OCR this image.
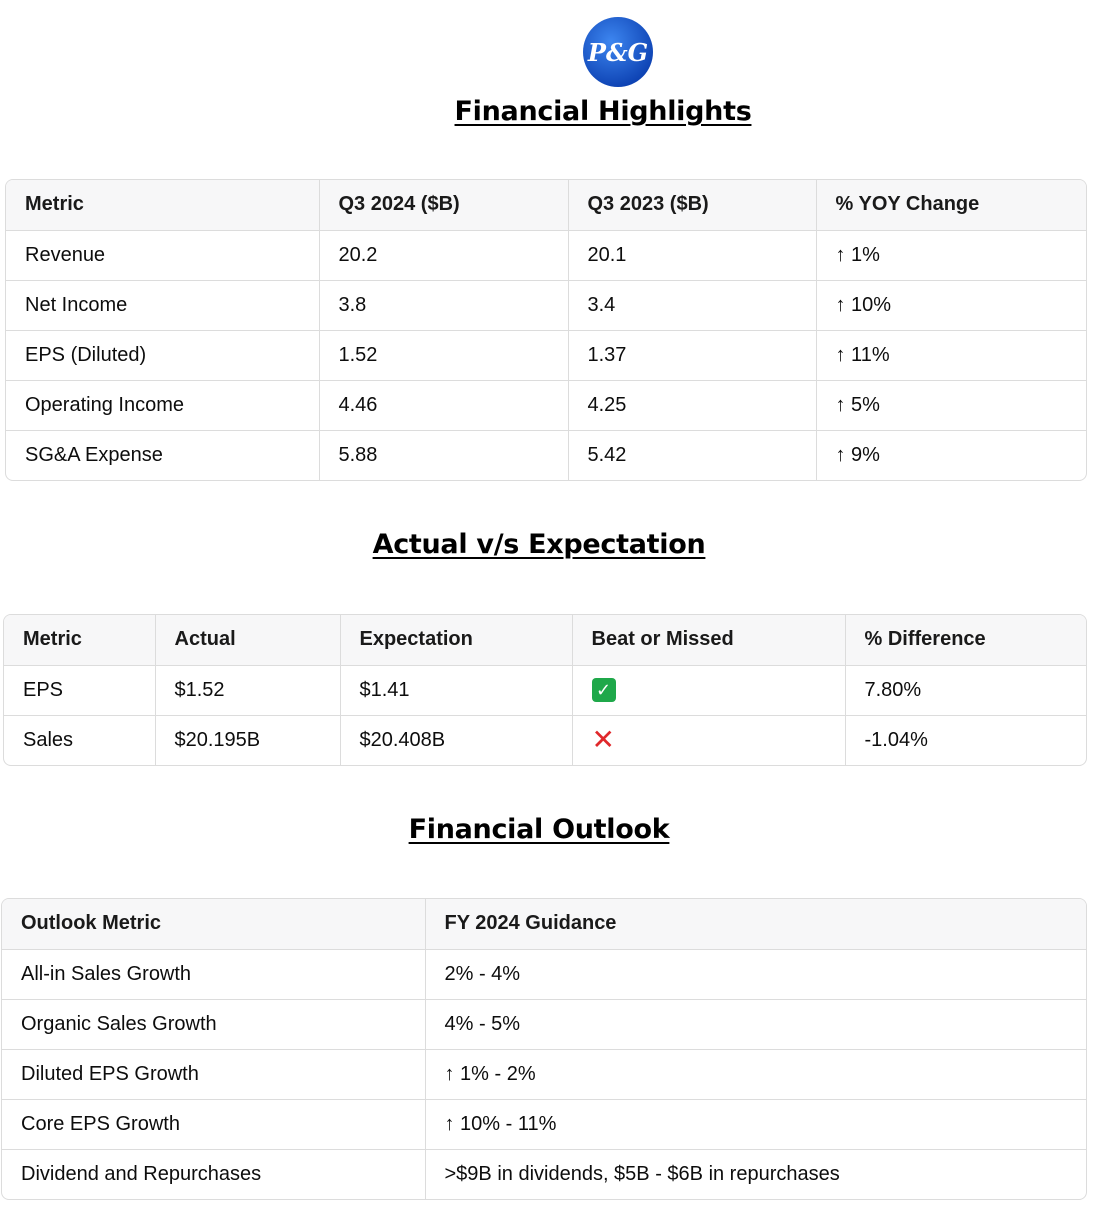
P&G
Financial Highlights
Metric	Q3 2024 ($B)	Q3 2023 ($B)	% YOY Change
Revenue	20.2	20.1	↑ 1%
Net Income	3.8	3.4	↑ 10%
EPS (Diluted)	1.52	1.37	↑ 11%
Operating Income	4.46	4.25	↑ 5%
SG&A Expense	5.88	5.42	↑ 9%
Actual v/s Expectation
Metric	Actual	Expectation	Beat or Missed	% Difference
EPS	$1.52	$1.41	✓	7.80%
Sales	$20.195B	$20.408B	✕	-1.04%
Financial Outlook
Outlook Metric	FY 2024 Guidance
All-in Sales Growth	2% - 4%
Organic Sales Growth	4% - 5%
Diluted EPS Growth	↑ 1% - 2%
Core EPS Growth	↑ 10% - 11%
Dividend and Repurchases	>$9B in dividends, $5B - $6B in repurchases
